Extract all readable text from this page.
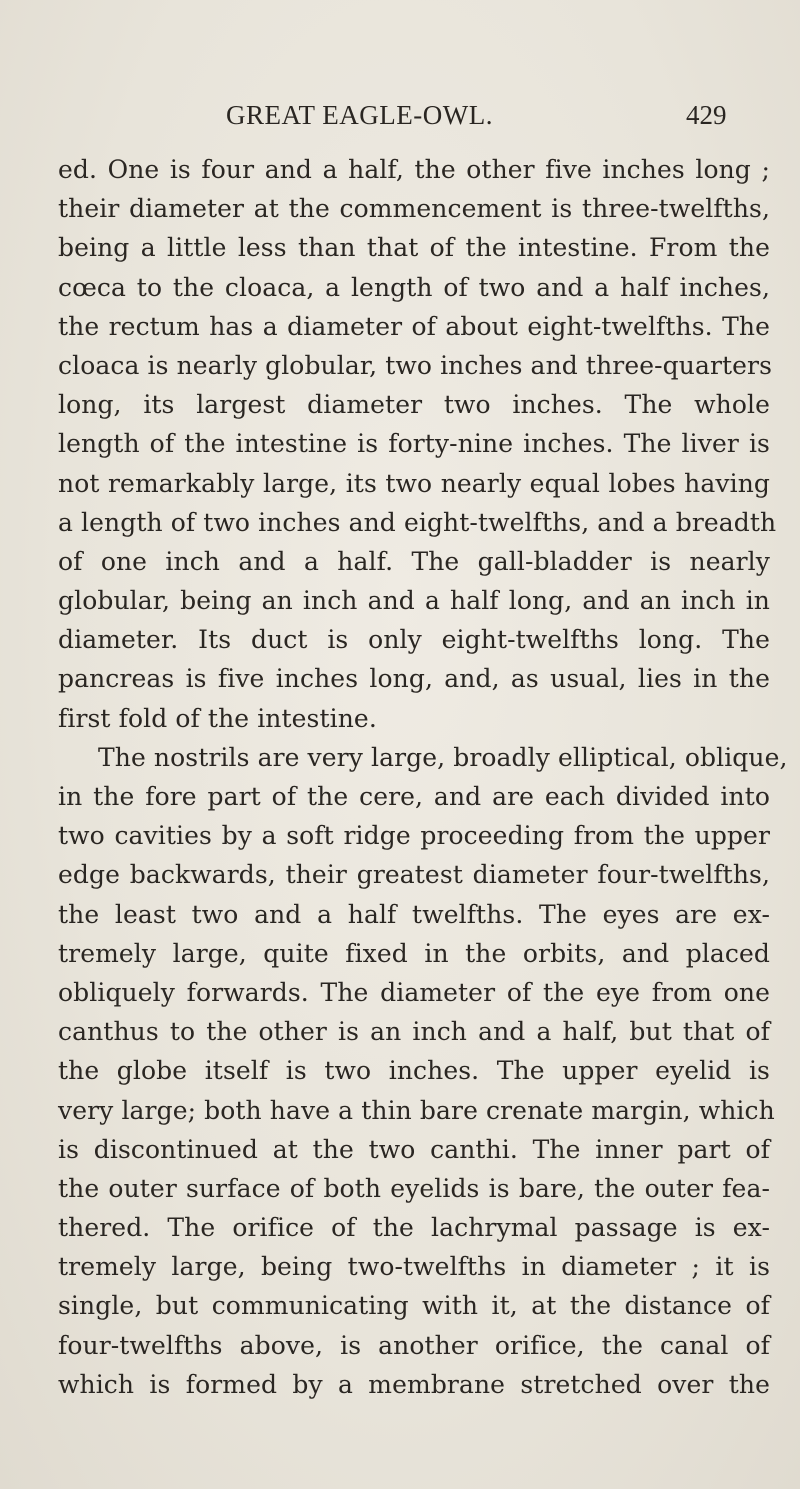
GREAT EAGLE-OWL.	429
ed. One is four and a half, the other five inches long ;
their diameter at the commencement is three-twelfths,
being a little less than that of the intestine. From the
cœca to the cloaca, a length of two and a half inches,
the rectum has a diameter of about eight-twelfths. The
cloaca is nearly globular, two inches and three-quarters
long, its largest diameter two inches. The whole
length of the intestine is forty-nine inches. The liver is
not remarkably large, its two nearly equal lobes having
a length of two inches and eight-twelfths, and a breadth
of one inch and a half. The gall-bladder is nearly
globular, being an inch and a half long, and an inch in
diameter. Its duct is only eight-twelfths long. The
pancreas is five inches long, and, as usual, lies in the
first fold of the intestine.
The nostrils are very large, broadly elliptical, oblique,
in the fore part of the cere, and are each divided into
two cavities by a soft ridge proceeding from the upper
edge backwards, their greatest diameter four-twelfths,
the least two and a half twelfths. The eyes are ex-
tremely large, quite fixed in the orbits, and placed
obliquely forwards. The diameter of the eye from one
canthus to the other is an inch and a half, but that of
the globe itself is two inches. The upper eyelid is
very large; both have a thin bare crenate margin, which
is discontinued at the two canthi. The inner part of
the outer surface of both eyelids is bare, the outer fea-
thered. The orifice of the lachrymal passage is ex-
tremely large, being two-twelfths in diameter ; it is
single, but communicating with it, at the distance of
four-twelfths above, is another orifice, the canal of
which is formed by a membrane stretched over the
